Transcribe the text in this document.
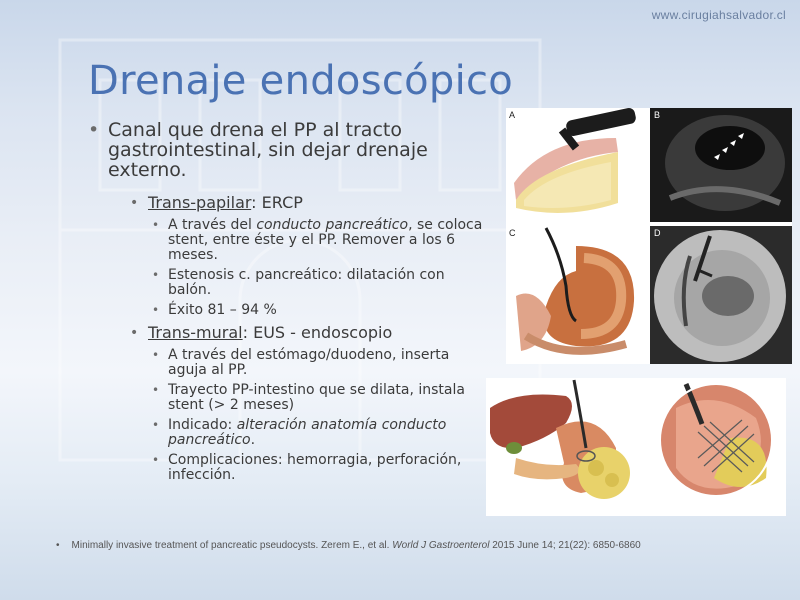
www.cirugiahsalvador.cl
Drenaje endoscópico
• Canal que drena el PP al tracto gastrointestinal, sin dejar drenaje externo.
• Trans-papilar: ERCP
• A través del conducto pancreático, se coloca stent, entre éste y el PP. Remover a los 6 meses.
• Estenosis c. pancreático: dilatación con balón.
• Éxito 81 – 94 %
• Trans-mural: EUS - endoscopio
• A través del estómago/duodeno, inserta aguja al PP.
• Trayecto PP-intestino que se dilata, instala stent (> 2 meses)
• Indicado: alteración anatomía conducto pancreático.
• Complicaciones: hemorragia, perforación, infección.
• Minimally invasive treatment of pancreatic pseudocysts. Zerem E., et al. World J Gastroenterol 2015 June 14; 21(22): 6850-6860
A	B
C	D
